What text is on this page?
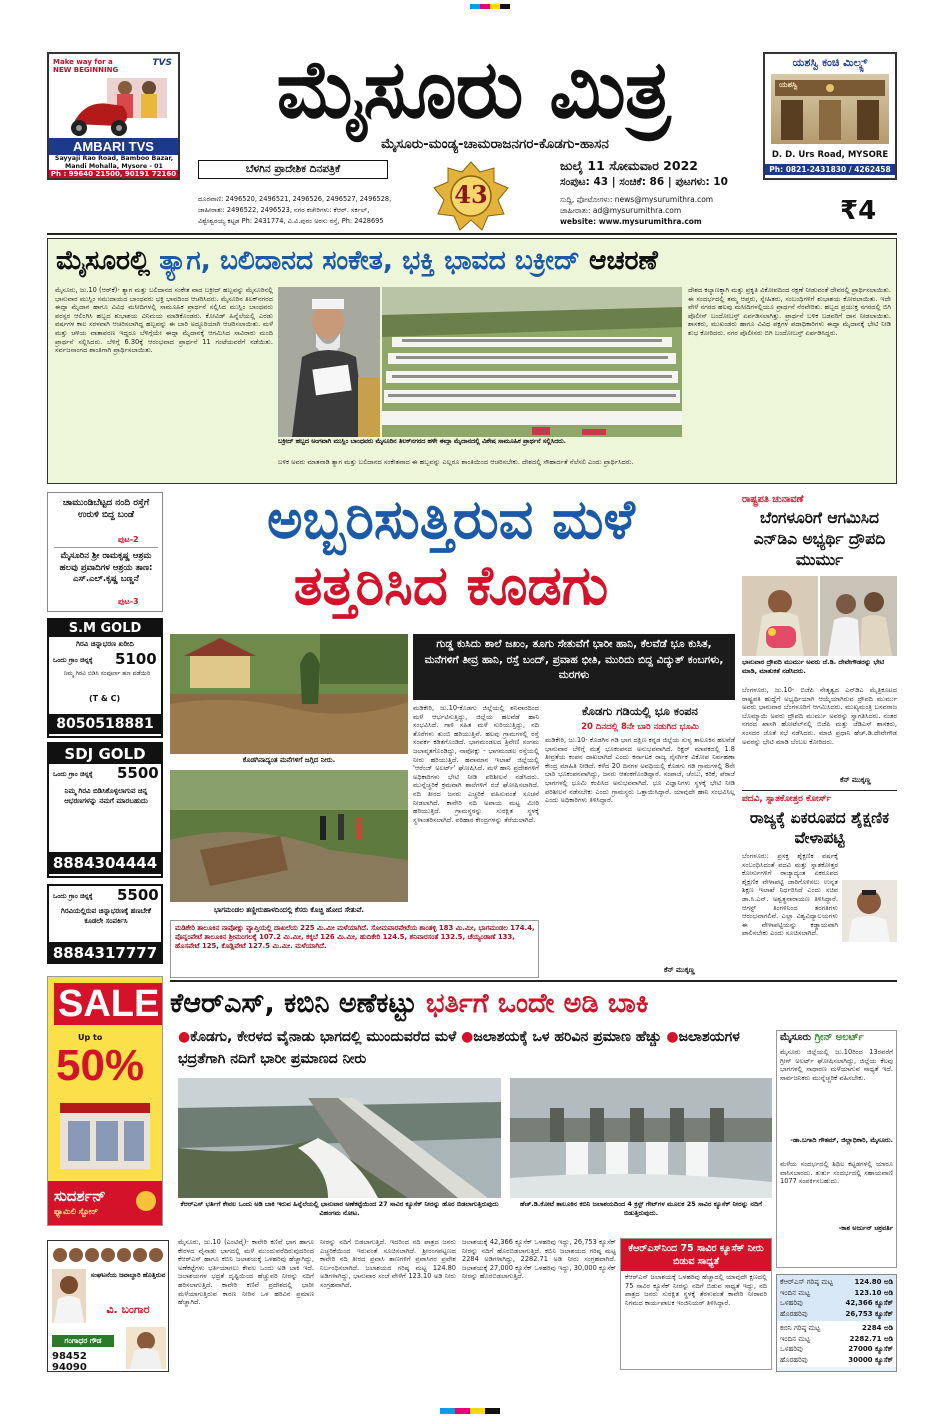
Make way for a NEW BEGINNING
TVS
AMBARI TVS
Sayyaji Rao Road, Bamboo Bazar, Mandi Mohalla, Mysore - 01
Ph : 99640 21500, 90191 72160
ಮೈಸೂರು ಮಿತ್ರ
ಮೈಸೂರು-ಮಂಡ್ಯ-ಚಾಮರಾಜನಗರ-ಕೊಡಗು-ಹಾಸನ
ಯಶಸ್ವಿ ಕಂಚಿ ಮಿಲ್ಕ್ಸ್
ಯಶಸ್ವಿ
D. D. Urs Road, MYSORE
Ph: 0821-2431830 / 4262458
ಬೆಳಗಿನ ಪ್ರಾದೇಶಿಕ ದಿನಪತ್ರಿಕೆ
43
ಜುಲೈ 11 ಸೋಮವಾರ 2022
ಸಂಪುಟ: 43 | ಸಂಚಿಕೆ: 86 | ಪುಟಗಳು: 10
ದೂರವಾಣಿ: 2496520, 2496521, 2496526, 2496527, 2496528,
ಜಾಹೀರಾತು: 2496522, 2496523, ನಗರ ಕಚೇರಿಗಳು: ಕೆಆರ್. ಸರ್ಕಲ್,
ವಿಶ್ವೇಶ್ವರಯ್ಯ ಕಟ್ಟಡ Ph: 2431774, ವಿ.ವಿ.ಪುರಂ ಅರಸು ರಸ್ತೆ, Ph: 2428695
ಸುದ್ದಿ, ಫೋಟೋಗಳು: news@mysurumithra.com
ಜಾಹೀರಾತು: ad@mysurumithra.com
website: www.mysurumithra.com	₹4
ಮೈಸೂರಲ್ಲಿ ತ್ಯಾಗ, ಬಲಿದಾನದ ಸಂಕೇತ, ಭಕ್ತಿ ಭಾವದ ಬಕ್ರೀದ್ ಆಚರಣೆ
ಮೈಸೂರು, ಜು.10 (ಆರ್‌ಕೆ)- ತ್ಯಾಗ ಮತ್ತು ಬಲಿದಾನದ ಸಂಕೇತ ವಾದ ಬಕ್ರೀದ್ ಹಬ್ಬವನ್ನು ಮೈಸೂರಿನಲ್ಲಿ ಭಾನುವಾರ ಮುಸ್ಲಿಂ ಸಮುದಾಯದ ಬಾಂಧವರು ಭಕ್ತಿ ಭಾವದಿಂದ ಆಚರಿಸಿದರು. ಮೈಸೂರಿನ ತಿಲಕ್‌ನಗರದ ಈದ್ಗಾ ಮೈದಾನ ಹಾಗೂ ವಿವಿಧ ಮಸೀದಿಗಳಲ್ಲಿ ಸಾಮೂಹಿಕ ಪ್ರಾರ್ಥನೆ ಸಲ್ಲಿಸಿದ ಮುಸ್ಲಿಂ ಬಾಂಧವರು ಪರಸ್ಪರ ಆಲಿಂಗಿಸಿ ಹಬ್ಬದ ಶುಭಾಶಯ ವಿನಿಮಯ ಮಾಡಿಕೊಂಡರು. ಕೋವಿಡ್ ಹಿನ್ನೆಲೆಯಲ್ಲಿ ಎರಡು ವರ್ಷಗಳ ಕಾಲ ಸರಳವಾಗಿ ಆಚರಿಸಲಾಗಿದ್ದ ಹಬ್ಬವನ್ನು ಈ ಬಾರಿ ಅದ್ಧೂರಿಯಾಗಿ ಆಚರಿಸಲಾಯಿತು. ಮಳೆ ಮತ್ತು ಚಳಿಯ ವಾತಾವರಣ ಇದ್ದರೂ ಬೆಳಿಗ್ಗೆಯೇ ಈದ್ಗಾ ಮೈದಾನಕ್ಕೆ ಆಗಮಿಸಿದ ಸಾವಿರಾರು ಮಂದಿ ಪ್ರಾರ್ಥನೆ ಸಲ್ಲಿಸಿದರು. ಬೆಳಿಗ್ಗೆ 6.30ಕ್ಕೆ ಆರಂಭವಾದ ಪ್ರಾರ್ಥನೆ 11 ಗಂಟೆಯವರೆಗೆ ನಡೆಯಿತು. ಸರ್ವಜನಾಂಗದ ಶಾಂತಿಗಾಗಿ ಪ್ರಾರ್ಥಿಸಲಾಯಿತು.
ಬಕ್ರೀದ್ ಹಬ್ಬದ ಅಂಗವಾಗಿ ಮುಸ್ಲಿಂ ಬಾಂಧವರು ಮೈಸೂರಿನ ತಿಲಕ್‌ನಗರದ ಹಳೇ ಈದ್ಗಾ ಮೈದಾನದಲ್ಲಿ ವಿಶೇಷ ಸಾಮೂಹಿಕ ಪ್ರಾರ್ಥನೆ ಸಲ್ಲಿಸಿದರು.
ಬಳಿಕ ಅವರು ಮಾತನಾಡಿ ತ್ಯಾಗ ಮತ್ತು ಬಲಿದಾನದ ಸಂಕೇತವಾದ ಈ ಹಬ್ಬವನ್ನು ಎಲ್ಲರೂ ಶಾಂತಿಯಿಂದ ಆಚರಿಸಬೇಕು. ದೇಶದಲ್ಲಿ ಸೌಹಾರ್ದತೆ ನೆಲೆಸಲಿ ಎಂದು ಪ್ರಾರ್ಥಿಸಿದರು.
ದೇಶದ ಕಲ್ಯಾಣಕ್ಕಾಗಿ ಮತ್ತು ಪ್ರಕೃತಿ ವಿಕೋಪದಿಂದ ರಕ್ಷಣೆ ನೀಡುವಂತೆ ದೇವರಲ್ಲಿ ಪ್ರಾರ್ಥಿಸಲಾಯಿತು. ಈ ಸಂದರ್ಭದಲ್ಲಿ ತಮ್ಮ ಆಪ್ತರು, ಸ್ನೇಹಿತರು, ಸಂಬಂಧಿಗಳಿಗೆ ಶುಭಾಶಯ ಕೋರಲಾಯಿತು. ಇದೇ ವೇಳೆ ನಗರದ ಹಲವು ಮಸೀದಿಗಳಲ್ಲಿಯೂ ಪ್ರಾರ್ಥನೆ ನೆರವೇರಿತು. ಹಬ್ಬದ ಪ್ರಯುಕ್ತ ನಗರದಲ್ಲಿ ಬಿಗಿ ಪೊಲೀಸ್ ಬಂದೋಬಸ್ತ್ ಏರ್ಪಡಿಸಲಾಗಿತ್ತು. ಪ್ರಾರ್ಥನೆ ಬಳಿಕ ಬಡವರಿಗೆ ದಾನ ನೀಡಲಾಯಿತು. ಶಾಸಕರು, ಮುಖಂಡರು ಹಾಗೂ ವಿವಿಧ ಪಕ್ಷಗಳ ಪದಾಧಿಕಾರಿಗಳು ಈದ್ಗಾ ಮೈದಾನಕ್ಕೆ ಭೇಟಿ ನೀಡಿ ಶುಭ ಕೋರಿದರು. ನಗರ ಪೊಲೀಸರು ಬಿಗಿ ಬಂದೋಬಸ್ತ್ ಏರ್ಪಡಿಸಿದ್ದರು.
ಚಾಮುಂಡಿಬೆಟ್ಟದ ನಂದಿ ರಸ್ತೆಗೆ ಉರುಳಿ ಬಿದ್ದ ಬಂಡೆ
ಪುಟ-2
ಮೈಸೂರಿನ ಶ್ರೀ ರಾಮಕೃಷ್ಣ ಆಶ್ರಮ ಹಲವು ಪ್ರವಾದಿಗಳ ಆಶ್ರಯ ತಾಣ: ಎಸ್.ಎಲ್.ಕೃಷ್ಣ ಬಣ್ಣನೆ
ಪುಟ-3
ಅಬ್ಬರಿಸುತ್ತಿರುವ ಮಳೆ
ತತ್ತರಿಸಿದ ಕೊಡಗು
ರಾಷ್ಟ್ರಪತಿ ಚುನಾವಣೆ
ಬೆಂಗಳೂರಿಗೆ ಆಗಮಿಸಿದ ಎನ್‌ಡಿಎ ಅಭ್ಯರ್ಥಿ ದ್ರೌಪದಿ ಮುರ್ಮು
ಭಾನುವಾರ ದ್ರೌಪದಿ ಮುರ್ಮು ಅವರು ಜೆ.ಡಿ. ದೇವೇಗೌಡರನ್ನು ಭೇಟಿ ಮಾಡಿ, ಮಾತುಕತೆ ನಡೆಸಿದರು.
ಬೆಂಗಳೂರು, ಜು.10- ಬಿಜೆಪಿ ನೇತೃತ್ವದ ಎನ್‌ಡಿಎ ಮೈತ್ರಿಕೂಟದ ರಾಷ್ಟ್ರಪತಿ ಹುದ್ದೆಗೆ ಅಭ್ಯರ್ಥಿಯಾಗಿ ಆಯ್ಕೆಯಾಗಿರುವ ದ್ರೌಪದಿ ಮುರ್ಮು ಅವರು ಭಾನುವಾರ ಬೆಂಗಳೂರಿಗೆ ಆಗಮಿಸಿದರು. ಮುಖ್ಯಮಂತ್ರಿ ಬಸವರಾಜ ಬೊಮ್ಮಾಯಿ ಅವರು ದ್ರೌಪದಿ ಮುರ್ಮು ಅವರನ್ನು ಸ್ವಾಗತಿಸಿದರು. ನಂತರ ನಗರದ ಖಾಸಗಿ ಹೋಟೆಲ್‌ನಲ್ಲಿ ಬಿಜೆಪಿ ಮತ್ತು ಜೆಡಿಎಸ್ ಶಾಸಕರು, ಸಂಸದರ ಜೊತೆ ಸಭೆ ನಡೆಸಿದರು. ಮಾಜಿ ಪ್ರಧಾನಿ ಹೆಚ್.ಡಿ.ದೇವೇಗೌಡ ಅವರನ್ನು ಭೇಟಿ ಮಾಡಿ ಬೆಂಬಲ ಕೋರಿದರು.
ಕೆನ್ ಮುಕ್ಕಣ್ಣ
S.M GOLD
ಗಿರವಿ ಚಿನ್ನಾಭರಣ ಖರೀದಿ
ಒಂದು ಗ್ರಾಂ ಚಿನ್ನಕ್ಕೆ 5100
ನಿಮ್ಮ ಗಿರವಿ ಬಿಡಿಸಿ ಸಂಪೂರ್ಣ ಹಣ ಪಡೆಯಿರಿ
(T & C)
8050518881
SDJ GOLD
ಒಂದು ಗ್ರಾಂ ಚಿನ್ನಕ್ಕೆ 5500
ನಿಮ್ಮ ಗಿರವಿ ಬಿಡಿಸಿಕೊಳ್ಳಲಾಗುವ ಚಿನ್ನ ಆಭರಣಗಳನ್ನು ನಮಗೆ ಮಾರಬಹುದು
8884304444
ಒಂದು ಗ್ರಾಂ ಚಿನ್ನಕ್ಕೆ 5500
ಗಿರವಿಯಲ್ಲಿರುವ ಚಿನ್ನಾಭರಣಕ್ಕೆ ಹಣಬೇಕೆ ಕೂಡಲೇ ಸಂಪರ್ಕಿಸಿ
8884317777
ಕೊಡಗಿನಾದ್ಯಂತ ಮನೆಗಳಿಗೆ ಜಗ್ಗಿದ ನೀರು.
ಭಾಗಮಂಡಲ ತಣ್ಣೀರುಹಾಳದಿಂದಲ್ಲಿ ಕೆಸರು ಕೊಚ್ಚಿ ಹೋದ ಸೇತುವೆ.
ಮಡಿಕೇರಿ ತಾಲೂಕಿನ ನಾಪೋಕ್ಲು ವ್ಯಾಪ್ತಿಯಲ್ಲಿ ದಾಖಲೆಯ 225 ಮಿ.ಮೀ ಮಳೆಯಾಗಿದೆ. ಸೋಮವಾರಪೇಟೆಯ ಶಾಂತಳ್ಳಿ 183 ಮಿ.ಮೀ, ಭಾಗಮಂಡಲ 174.4, ಪೊನ್ನಂಪೇಟೆ ತಾಲೂಕಿನ ಶ್ರೀಮಂಗಲಕ್ಕೆ 107.2 ಮಿ.ಮೀ, ಕಕ್ಕಬೆ 126 ಮಿ.ಮೀ, ಹುದಿಕೇರಿ 124.5, ಶನಿವಾರಸಂತೆ 132.5, ಚೆಯ್ಯಂಡಾಣೆ 133, ಹೊಸಪೇಟೆ 125, ಕೊಡ್ಲಿಪೇಟೆ 127.5 ಮಿ.ಮೀ. ಮಳೆಯಾಗಿದೆ.
ಗುಡ್ಡ ಕುಸಿದು ಶಾಲೆ ಜಖಂ, ತೂಗು ಸೇತುವೆಗೆ ಭಾರೀ ಹಾನಿ, ಕೆಲವೆಡೆ ಭೂ ಕುಸಿತ, ಮನೆಗಳಿಗೆ ತೀವ್ರ ಹಾನಿ, ರಸ್ತೆ ಬಂದ್, ಪ್ರವಾಹ ಭೀತಿ, ಮುರಿದು ಬಿದ್ದ ವಿದ್ಯುತ್ ಕಂಬಗಳು, ಮರಗಳು
ಮಡಿಕೇರಿ, ಜು.10-ಕೊಡಗು ಜಿಲ್ಲೆಯಲ್ಲಿ ಶನಿವಾರದಿಂದ ಮಳೆ ಆರ್ಭಟಿಸುತ್ತಿದ್ದು, ಜಿಲ್ಲೆಯ ಹಲವೆಡೆ ಹಾನಿ ಸಂಭವಿಸಿದೆ. ಗಾಳಿ ಸಹಿತ ಮಳೆ ಸುರಿಯುತ್ತಿದ್ದು, ನದಿ ತೊರೆಗಳು ತುಂಬಿ ಹರಿಯುತ್ತಿವೆ. ಹಲವು ಗ್ರಾಮಗಳಲ್ಲಿ ರಸ್ತೆ ಸಂಪರ್ಕ ಕಡಿತಗೊಂಡಿದೆ. ಭಾಗಮಂಡಲದ ತ್ರಿವೇಣಿ ಸಂಗಮ ಜಲಾವೃತಗೊಂಡಿದ್ದು, ನಾಪೋಕ್ಲು - ಭಾಗಮಂಡಲ ರಸ್ತೆಯಲ್ಲಿ ನೀರು ಹರಿಯುತ್ತಿದೆ. ಹವಾಮಾನ ಇಲಾಖೆ ಜಿಲ್ಲೆಯಲ್ಲಿ 'ಆರೆಂಜ್ ಅಲರ್ಟ್' ಘೋಷಿಸಿದೆ. ಮಳೆ ಹಾನಿ ಪ್ರದೇಶಗಳಿಗೆ ಅಧಿಕಾರಿಗಳು ಭೇಟಿ ನೀಡಿ ಪರಿಶೀಲನೆ ನಡೆಸಿದರು. ಮುನ್ನೆಚ್ಚರಿಕೆ ಕ್ರಮವಾಗಿ ಶಾಲೆಗಳಿಗೆ ರಜೆ ಘೋಷಿಸಲಾಗಿದೆ. ನದಿ ತೀರದ ಜನರು ಎಚ್ಚರಿಕೆ ವಹಿಸುವಂತೆ ಸೂಚನೆ ನೀಡಲಾಗಿದೆ. ಕಾವೇರಿ ನದಿ ಅಪಾಯ ಮಟ್ಟ ಮೀರಿ ಹರಿಯುತ್ತಿದೆ. ಗ್ರಾಮಸ್ಥರನ್ನು ಸುರಕ್ಷಿತ ಸ್ಥಳಕ್ಕೆ ಸ್ಥಳಾಂತರಿಸಲಾಗಿದೆ. ಪರಿಹಾರ ಕೇಂದ್ರಗಳನ್ನು ತೆರೆಯಲಾಗಿದೆ.
ಕೊಡಗು ಗಡಿಯಲ್ಲಿ ಭೂ ಕಂಪನ
20 ದಿನದಲ್ಲಿ 8ನೇ ಬಾರಿ ನಡುಗಿದ ಭೂಮಿ
ಮಡಿಕೇರಿ, ಜು.10- ಕೊಡಗಿನ ಗಡಿ ಭಾಗ ದಕ್ಷಿಣ ಕನ್ನಡ ಜಿಲ್ಲೆಯ ಸುಳ್ಯ ತಾಲೂಕಿನ ಹಲವೆಡೆ ಭಾನುವಾರ ಬೆಳಿಗ್ಗೆ ಮತ್ತೆ ಭೂಕಂಪನದ ಅನುಭವವಾಗಿದೆ. ರಿಕ್ಟರ್ ಮಾಪಕದಲ್ಲಿ 1.8 ತೀವ್ರತೆಯ ಕಂಪನ ದಾಖಲಾಗಿದೆ ಎಂದು ಕರ್ನಾಟಕ ರಾಜ್ಯ ನೈಸರ್ಗಿಕ ವಿಕೋಪ ನಿರ್ವಹಣಾ ಕೇಂದ್ರ ಮಾಹಿತಿ ನೀಡಿದೆ. ಕಳೆದ 20 ದಿನಗಳ ಅವಧಿಯಲ್ಲಿ ಕೊಡಗು ಗಡಿ ಗ್ರಾಮಗಳಲ್ಲಿ 8ನೇ ಬಾರಿ ಭೂಕಂಪನವಾಗಿದ್ದು, ಜನರು ಆತಂಕಗೊಂಡಿದ್ದಾರೆ. ಸಂಪಾಜೆ, ಚೆಂಬು, ಕರಿಕೆ, ಪೆರಾಜೆ ಭಾಗಗಳಲ್ಲಿ ಭೂಮಿ ಕಂಪಿಸಿದ ಅನುಭವವಾಗಿದೆ. ಭೂ ವಿಜ್ಞಾನಿಗಳು ಸ್ಥಳಕ್ಕೆ ಭೇಟಿ ನೀಡಿ ಪರಿಶೀಲನೆ ನಡೆಸಬೇಕು ಎಂದು ಗ್ರಾಮಸ್ಥರು ಒತ್ತಾಯಿಸಿದ್ದಾರೆ. ಯಾವುದೇ ಹಾನಿ ಸಂಭವಿಸಿಲ್ಲ ಎಂದು ಅಧಿಕಾರಿಗಳು ತಿಳಿಸಿದ್ದಾರೆ.
ಕೆನ್ ಮುಕ್ಕಣ್ಣ
ಪದವಿ, ಸ್ನಾತಕೋತ್ತರ ಕೋರ್ಸ್
ರಾಜ್ಯಕ್ಕೆ ಏಕರೂಪದ ಶೈಕ್ಷಣಿಕ ವೇಳಾಪಟ್ಟಿ
ಬೆಂಗಳೂರು: ಪ್ರಸಕ್ತ ಶೈಕ್ಷಣಿಕ ವರ್ಷಕ್ಕೆ ಸಂಬಂಧಿಸಿದಂತೆ ಪದವಿ ಮತ್ತು ಸ್ನಾತಕೋತ್ತರ ಕೋರ್ಸುಗಳಿಗೆ ರಾಜ್ಯಾದ್ಯಂತ ಏಕರೂಪದ ಶೈಕ್ಷಣಿಕ ವೇಳಾಪಟ್ಟಿ ಜಾರಿಗೊಳಿಸಲು ಉನ್ನತ ಶಿಕ್ಷಣ ಇಲಾಖೆ ನಿರ್ಧರಿಸಿದೆ ಎಂದು ಸಚಿವ ಡಾ.ಸಿ.ಎನ್. ಅಶ್ವತ್ಥನಾರಾಯಣ ತಿಳಿಸಿದ್ದಾರೆ. ಆಗಸ್ಟ್ ತಿಂಗಳಿನಿಂದ ತರಗತಿಗಳು ಆರಂಭವಾಗಲಿವೆ. ಎಲ್ಲಾ ವಿಶ್ವವಿದ್ಯಾಲಯಗಳು ಈ ವೇಳಾಪಟ್ಟಿಯನ್ನು ಕಡ್ಡಾಯವಾಗಿ ಪಾಲಿಸಬೇಕು ಎಂದು ಸೂಚಿಸಲಾಗಿದೆ.
SALE
Up to
50%
ಸುದರ್ಶನ್
ಫ್ಯಾಮಿಲಿ ಸ್ಟೋರ್
ಕೆಆರ್‌ಎಸ್, ಕಬಿನಿ ಅಣೆಕಟ್ಟು ಭರ್ತಿಗೆ ಒಂದೇ ಅಡಿ ಬಾಕಿ
●ಕೊಡಗು, ಕೇರಳದ ವೈನಾಡು ಭಾಗದಲ್ಲಿ ಮುಂದುವರೆದ ಮಳೆ ●ಜಲಾಶಯಕ್ಕೆ ಒಳ ಹರಿವಿನ ಪ್ರಮಾಣ ಹೆಚ್ಚು ●ಜಲಾಶಯಗಳ ಭದ್ರತೆಗಾಗಿ ನದಿಗೆ ಭಾರೀ ಪ್ರಮಾಣದ ನೀರು
ಮೈಸೂರು ಗ್ರೀನ್ ಅಲರ್ಟ್
ಮೈಸೂರು ಜಿಲ್ಲೆಯಲ್ಲಿ ಜು.10ರಿಂದ 13ರವರೆಗೆ ಗ್ರೀನ್ ಅಲರ್ಟ್ ಘೋಷಿಸಲಾಗಿದ್ದು, ಜಿಲ್ಲೆಯ ಕೆಲವು ಭಾಗಗಳಲ್ಲಿ ಸಾಧಾರಣ ಮಳೆಯಾಗುವ ಸಾಧ್ಯತೆ ಇದೆ. ಸಾರ್ವಜನಿಕರು ಮುನ್ನೆಚ್ಚರಿಕೆ ವಹಿಸಬೇಕು.
-ಡಾ.ಬಗಾದಿ ಗೌತಮ್, ಜಿಲ್ಲಾಧಿಕಾರಿ, ಮೈಸೂರು.
ಮಳೆಯ ಸಂದರ್ಭದಲ್ಲಿ ಶಿಥಿಲ ಕಟ್ಟಡಗಳಲ್ಲಿ ಯಾರೂ ವಾಸಿಸಬಾರದು. ತುರ್ತು ಸಂದರ್ಭದಲ್ಲಿ ಸಹಾಯವಾಣಿ 1077 ಸಂಪರ್ಕಿಸಬಹುದು.
-ಕಾಶ ಅರ್ಜುನ್ ಚಕ್ರವರ್ತಿ
ಕೆಆರ್‌ಎಸ್ ಭರ್ತಿಗೆ ಕೇವಲ ಒಂದು ಅಡಿ ಬಾಕಿ ಇರುವ ಹಿನ್ನೆಲೆಯಲ್ಲಿ ಭಾನುವಾರ ಅಣೆಕಟ್ಟೆಯಿಂದ 27 ಸಾವಿರ ಕ್ಯೂಸೆಕ್ ನೀರನ್ನು ಹೊರ ಬಿಡಲಾಗುತ್ತಿರುವುದು ವಿಹಂಗಮ ನೋಟ.
ಹೆಚ್.ಡಿ.ಕೋಟೆ ತಾಲೂಕಿನ ಕಬಿನಿ ಜಲಾಶಯದಿಂದ 4 ಕ್ರಸ್ಟ್ ಗೇಟ್‌ಗಳ ಮೂಲಕ 25 ಸಾವಿರ ಕ್ಯೂಸೆಕ್ ನೀರನ್ನು ನದಿಗೆ ಬಿಡುತ್ತಿರುವುದು.
ಮೈಸೂರು, ಜು.10 (ಎಂಟಿವೈ)- ಕಾವೇರಿ ಕಣಿವೆ ಭಾಗ ಹಾಗೂ ಕೇರಳದ ವೈನಾಡು ಭಾಗದಲ್ಲಿ ಮಳೆ ಮುಂದುವರೆದಿರುವುದರಿಂದ ಕೆಆರ್‌ಎಸ್ ಹಾಗೂ ಕಬಿನಿ ಜಲಾಶಯಕ್ಕೆ ಒಳಹರಿವು ಹೆಚ್ಚಾಗಿದ್ದು, ಅಣೆಕಟ್ಟೆಗಳು ಭರ್ತಿಯಾಗಲು ಕೇವಲ ಒಂದು ಅಡಿ ಬಾಕಿ ಇದೆ. ಜಲಾಶಯಗಳ ಭದ್ರತೆ ದೃಷ್ಟಿಯಿಂದ ಹೆಚ್ಚುವರಿ ನೀರನ್ನು ನದಿಗೆ ಹರಿಸಲಾಗುತ್ತಿದೆ. ಕಾವೇರಿ ಕಣಿವೆ ಪ್ರದೇಶದಲ್ಲಿ ಭಾರೀ ಮಳೆಯಾಗುತ್ತಿರುವ ಕಾರಣ ನೀರಿನ ಒಳ ಹರಿವಿನ ಪ್ರಮಾಣ ಹೆಚ್ಚಾಗಿದೆ.
ನೀರನ್ನು ನದಿಗೆ ಬಿಡಲಾಗುತ್ತಿದೆ. ಇದರಿಂದ ನದಿ ಪಾತ್ರದ ಜನರು ಎಚ್ಚರಿಕೆಯಿಂದ ಇರುವಂತೆ ಸೂಚಿಸಲಾಗಿದೆ. ಶ್ರೀರಂಗಪಟ್ಟಣದ ಕಾವೇರಿ ನದಿ ತೀರದ ಪ್ರವಾಸಿ ತಾಣಗಳಿಗೆ ಪ್ರವಾಸಿಗರ ಪ್ರವೇಶ ನಿರ್ಬಂಧಿಸಲಾಗಿದೆ. ಜಲಾಶಯದ ಗರಿಷ್ಠ ಮಟ್ಟ 124.80 ಅಡಿಗಳಾಗಿದ್ದು, ಭಾನುವಾರ ಸಂಜೆ ವೇಳೆಗೆ 123.10 ಅಡಿ ನೀರು ಸಂಗ್ರಹವಾಗಿದೆ.
ಜಲಾಶಯಕ್ಕೆ 42,366 ಕ್ಯೂಸೆಕ್ ಒಳಹರಿವು ಇದ್ದು, 26,753 ಕ್ಯೂಸೆಕ್ ನೀರನ್ನು ನದಿಗೆ ಹೊರಬಿಡಲಾಗುತ್ತಿದೆ. ಕಬಿನಿ ಜಲಾಶಯದ ಗರಿಷ್ಠ ಮಟ್ಟ 2284 ಅಡಿಗಳಾಗಿದ್ದು, 2282.71 ಅಡಿ ನೀರು ಸಂಗ್ರಹವಾಗಿದೆ. ಜಲಾಶಯಕ್ಕೆ 27,000 ಕ್ಯೂಸೆಕ್ ಒಳಹರಿವು ಇದ್ದು, 30,000 ಕ್ಯೂಸೆಕ್ ನೀರನ್ನು ಹೊರಬಿಡಲಾಗುತ್ತಿದೆ.
ಕೆಆರ್‌ಎಸ್‌ನಿಂದ 75 ಸಾವಿರ ಕ್ಯೂಸೆಕ್ ನೀರು ಬಿಡುವ ಸಾಧ್ಯತೆ
ಕೆಆರ್‌ಎಸ್ ಜಲಾಶಯಕ್ಕೆ ಒಳಹರಿವು ಹೆಚ್ಚಾದಲ್ಲಿ ಯಾವುದೇ ಕ್ಷಣದಲ್ಲಿ 75 ಸಾವಿರ ಕ್ಯೂಸೆಕ್ ನೀರನ್ನು ನದಿಗೆ ಬಿಡುವ ಸಾಧ್ಯತೆ ಇದ್ದು, ನದಿ ಪಾತ್ರದ ಜನರು ಸುರಕ್ಷಿತ ಸ್ಥಳಕ್ಕೆ ತೆರಳುವಂತೆ ಕಾವೇರಿ ನೀರಾವರಿ ನಿಗಮದ ಕಾರ್ಯಪಾಲಕ ಇಂಜಿನಿಯರ್ ತಿಳಿಸಿದ್ದಾರೆ.
ಕೆಆರ್‌ಎಸ್ ಗರಿಷ್ಠ ಮಟ್ಟ	124.80 ಅಡಿ
ಇಂದಿನ ಮಟ್ಟ	123.10 ಅಡಿ
ಒಳಹರಿವು	42,366 ಕ್ಯೂಸೆಕ್
ಹೊರಹರಿವು	26,753 ಕ್ಯೂಸೆಕ್
ಕಬಿನಿ ಗರಿಷ್ಠ ಮಟ್ಟ	2284 ಅಡಿ
ಇಂದಿನ ಮಟ್ಟ	2282.71 ಅಡಿ
ಒಳಹರಿವು	27000 ಕ್ಯೂಸೆಕ್
ಹೊರಹರಿವು	30000 ಕ್ಯೂಸೆಕ್
ಸಂಘಟನೆಯ ಜವಾಬ್ದಾರಿ ಹೊತ್ತಿರುವ
ವಿ. ಬಂಗಾರ
ಗಂಗಾಧರ ಗೌಡ
98452 94090
